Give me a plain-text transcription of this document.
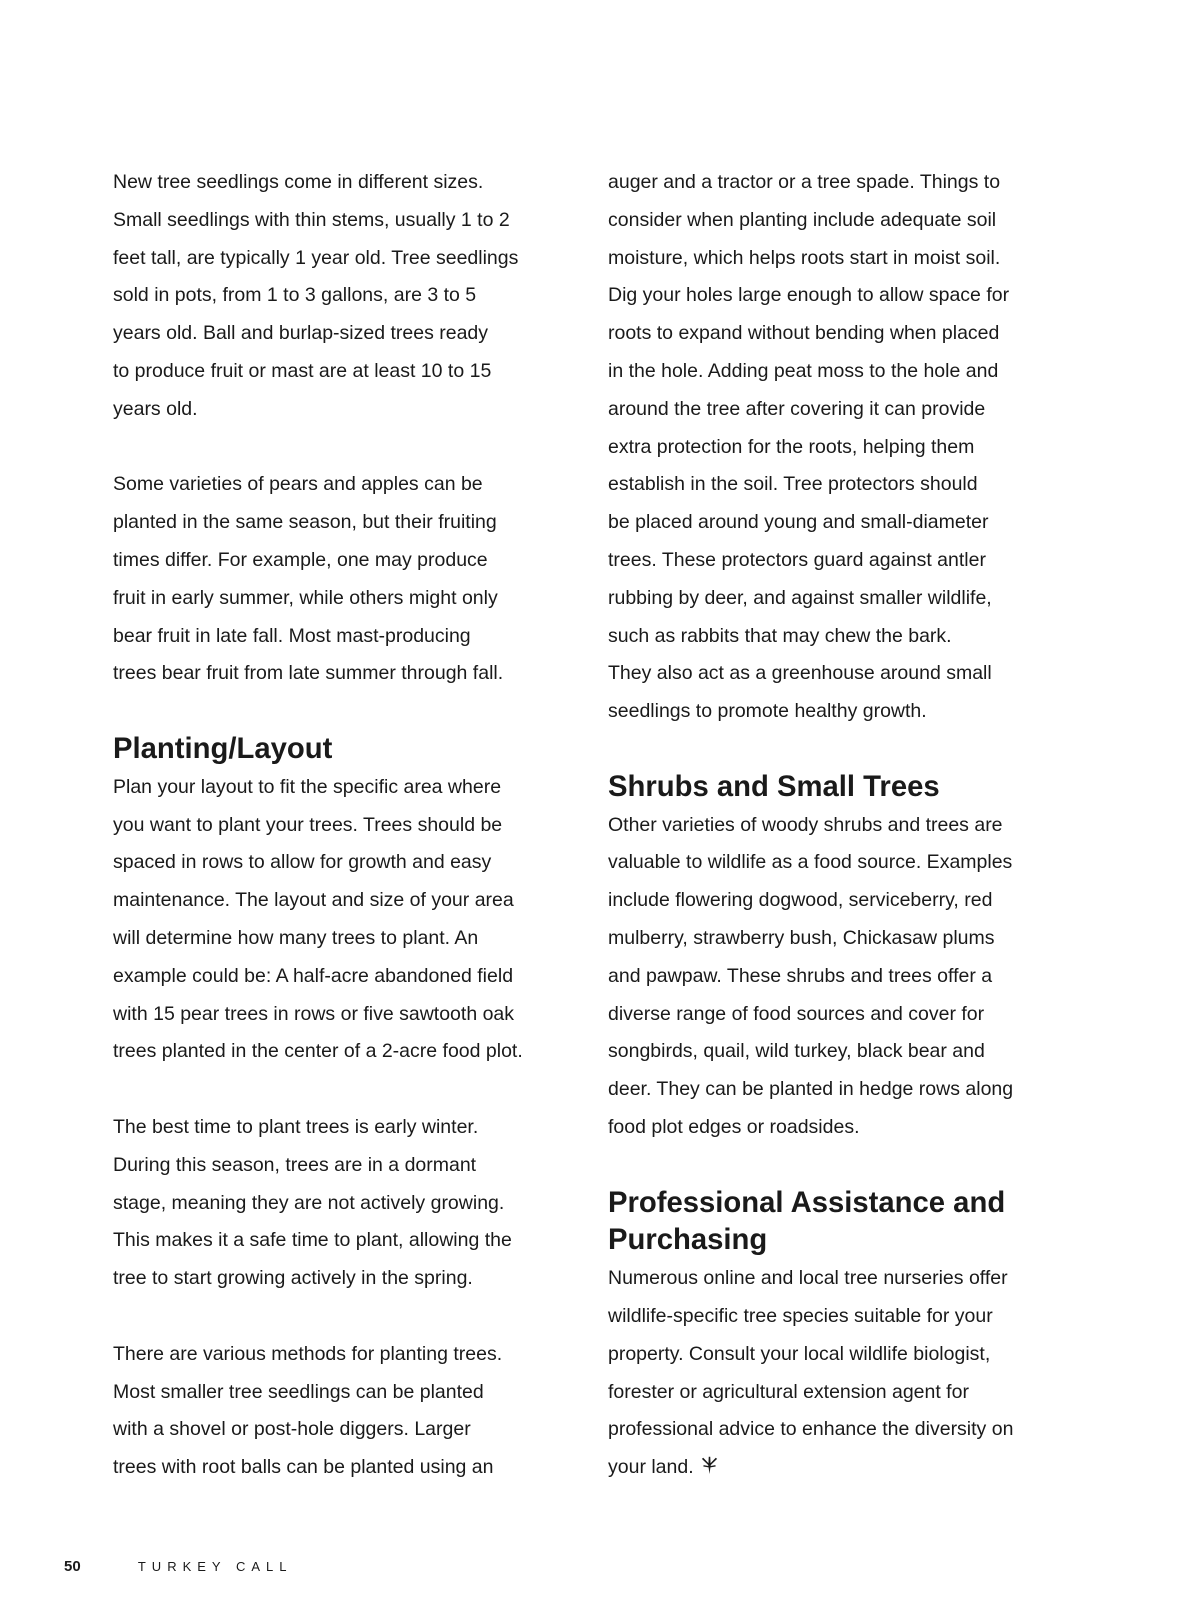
New tree seedlings come in different sizes.
Small seedlings with thin stems, usually 1 to 2
feet tall, are typically 1 year old. Tree seedlings
sold in pots, from 1 to 3 gallons, are 3 to 5
years old. Ball and burlap-sized trees ready
to produce fruit or mast are at least 10 to 15
years old.

Some varieties of pears and apples can be
planted in the same season, but their fruiting
times differ. For example, one may produce
fruit in early summer, while others might only
bear fruit in late fall. Most mast-producing
trees bear fruit from late summer through fall.

Planting/Layout

Plan your layout to fit the specific area where
you want to plant your trees. Trees should be
spaced in rows to allow for growth and easy
maintenance. The layout and size of your area
will determine how many trees to plant. An
example could be: A half-acre abandoned field
with 15 pear trees in rows or five sawtooth oak
trees planted in the center of a 2-acre food plot.

The best time to plant trees is early winter.
During this season, trees are in a dormant
stage, meaning they are not actively growing.
This makes it a safe time to plant, allowing the
tree to start growing actively in the spring.

There are various methods for planting trees.
Most smaller tree seedlings can be planted
with a shovel or post-hole diggers. Larger
trees with root balls can be planted using an

auger and a tractor or a tree spade. Things to
consider when planting include adequate soil
moisture, which helps roots start in moist soil.
Dig your holes large enough to allow space for
roots to expand without bending when placed
in the hole. Adding peat moss to the hole and
around the tree after covering it can provide
extra protection for the roots, helping them
establish in the soil. Tree protectors should
be placed around young and small-diameter
trees. These protectors guard against antler
rubbing by deer, and against smaller wildlife,
such as rabbits that may chew the bark.
They also act as a greenhouse around small
seedlings to promote healthy growth.

Shrubs and Small Trees

Other varieties of woody shrubs and trees are
valuable to wildlife as a food source. Examples
include flowering dogwood, serviceberry, red
mulberry, strawberry bush, Chickasaw plums
and pawpaw. These shrubs and trees offer a
diverse range of food sources and cover for
songbirds, quail, wild turkey, black bear and
deer. They can be planted in hedge rows along
food plot edges or roadsides.

Professional Assistance and Purchasing

Numerous online and local tree nurseries offer
wildlife-specific tree species suitable for your
property. Consult your local wildlife biologist,
forester or agricultural extension agent for
professional advice to enhance the diversity on
your land.

50	TURKEY CALL
